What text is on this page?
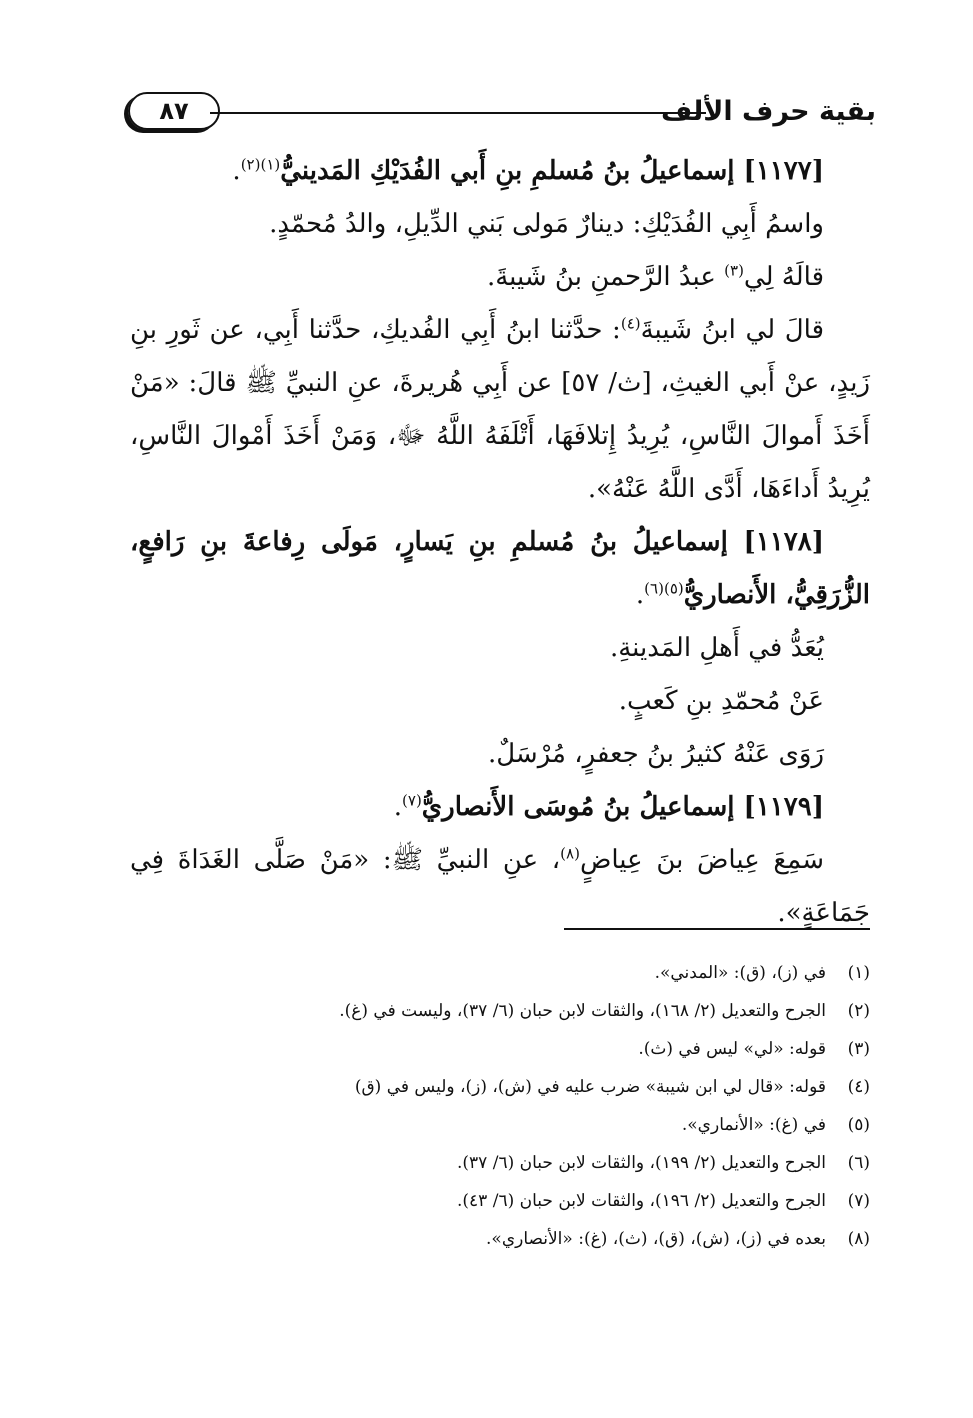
بقية حرف الألف
٨٧

[١١٧٧] إسماعيلُ بنُ مُسلمِ بنِ أَبي الفُدَيْكِ المَدينيُّ$^{(١)(٢)}$.

واسمُ أَبِي الفُدَيْكِ: دينارٌ مَولى بَني الدِّيلِ، والدُ مُحمّدٍ.

قالَهُ لِي$^{(٣)}$ عبدُ الرَّحمنِ بنُ شَيبةَ.

قالَ لي ابنُ شَيبةَ$^{(٤)}$: حدَّثنا ابنُ أَبِي الفُديكِ، حدَّثنا أَبِي، عن ثَورِ بنِ زَيدٍ، عنْ أَبي الغيثِ، [ث/ ٥٧] عن أَبِي هُريرةَ، عنِ النبيِّ ﷺ قالَ: «مَنْ أَخَذَ أَموالَ النَّاسِ، يُرِيدُ إِتلافَهَا، أَتْلَفَهُ اللَّهُ ﷻ، وَمَنْ أَخَذَ أَمْوالَ النَّاسِ، يُرِيدُ أَداءَهَا، أَدَّى اللَّهُ عَنْهُ».

[١١٧٨] إسماعيلُ بنُ مُسلمِ بنِ يَسارٍ، مَولَى رِفاعةَ بنِ رَافعٍ، الزُّرَقِيُّ، الأَنصاريُّ$^{(٥)(٦)}$.

يُعَدُّ في أَهلِ المَدينةِ.

عَنْ مُحمّدِ بنِ كَعبٍ.

رَوَى عَنْهُ كثيرُ بنُ جعفرٍ، مُرْسَلٌ.

[١١٧٩] إسماعيلُ بنُ مُوسَى الأَنصاريُّ$^{(٧)}$.

سَمِعَ عِياضَ بنَ عِياضٍ$^{(٨)}$، عنِ النبيِّ ﷺ: «مَنْ صَلَّى الغَدَاةَ فِي جَمَاعَةٍ».

(١)
في (ز)، (ق): «المدني».
(٢)
الجرح والتعديل (٢/ ١٦٨)، والثقات لابن حبان (٦/ ٣٧)، وليست في (غ).
(٣)
قوله: «لي» ليس في (ث).
(٤)
قوله: «قال لي ابن شيبة» ضرب عليه في (ش)، (ز)، وليس في (ق)
(٥)
في (غ): «الأنماري».
(٦)
الجرح والتعديل (٢/ ١٩٩)، والثقات لابن حبان (٦/ ٣٧).
(٧)
الجرح والتعديل (٢/ ١٩٦)، والثقات لابن حبان (٦/ ٤٣).
(٨)
بعده في (ز)، (ش)، (ق)، (ث)، (غ): «الأنصاري».
